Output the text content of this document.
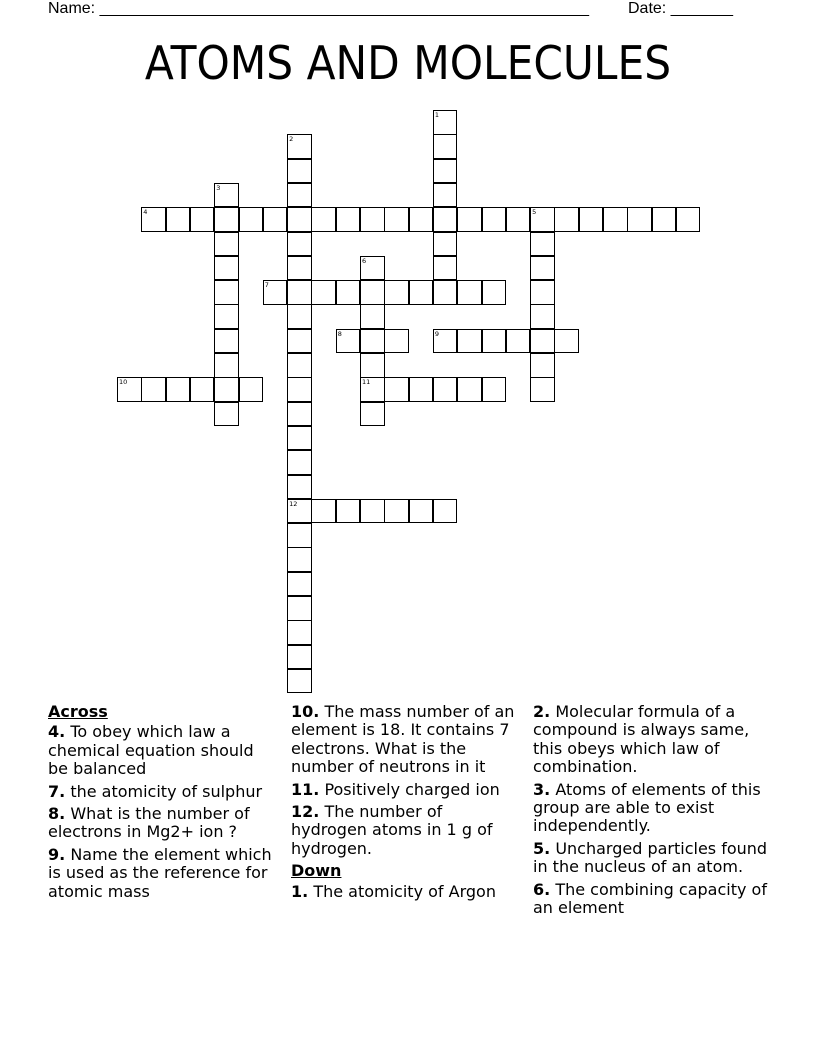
Name: _______________________________________________________ Date: _______
ATOMS AND MOLECULES
1
2
3
4	5
6
7
8	9
10	11
12
Across
4. To obey which law a chemical equation should be balanced
7. the atomicity of sulphur
8. What is the number of electrons in Mg2+ ion ?
9. Name the element which is used as the reference for atomic mass
10. The mass number of an element is 18. It contains 7 electrons. What is the number of neutrons in it
11. Positively charged ion
12. The number of hydrogen atoms in 1 g of hydrogen.
Down
1. The atomicity of Argon
2. Molecular formula of a compound is always same, this obeys which law of combination.
3. Atoms of elements of this group are able to exist independently.
5. Uncharged particles found in the nucleus of an atom.
6. The combining capacity of an element
